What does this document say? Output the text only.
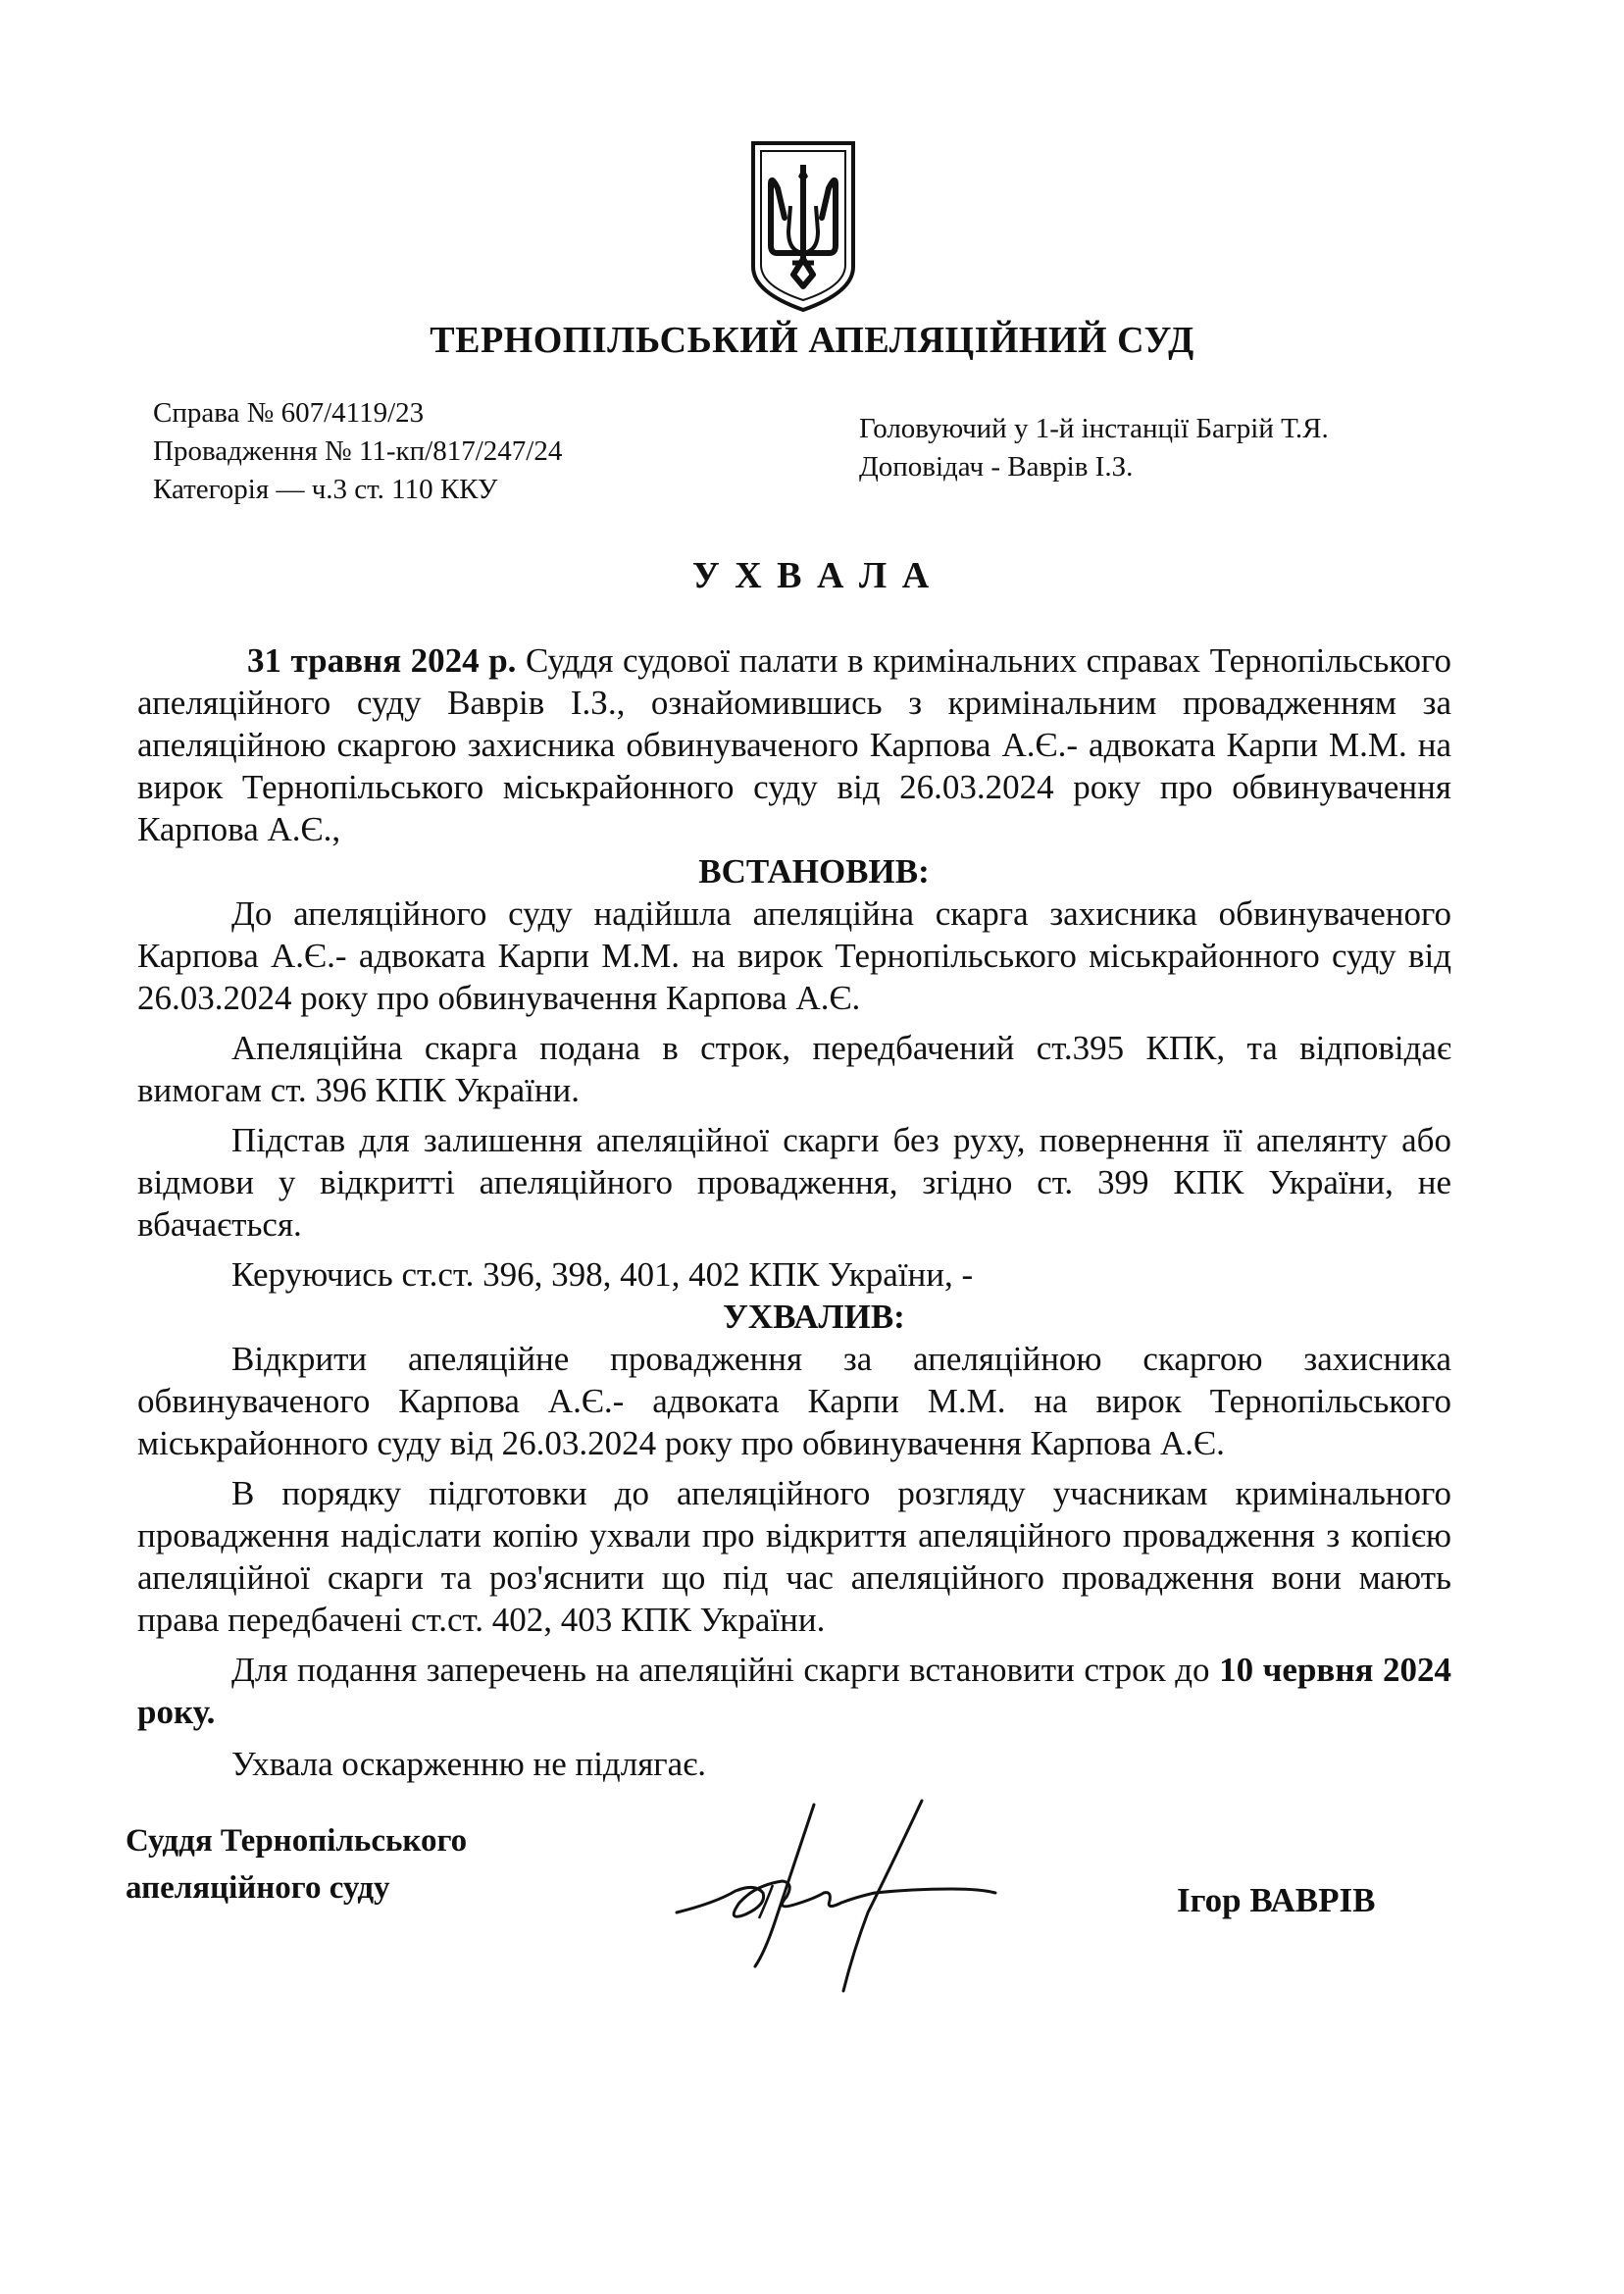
ТЕРНОПІЛЬСЬКИЙ АПЕЛЯЦІЙНИЙ СУД
Справа № 607/4119/23
Провадження № 11-кп/817/247/24
Категорія — ч.3 ст. 110 ККУ
Головуючий у 1-й інстанції Багрій Т.Я.
Доповідач - Ваврів І.З.
У Х В А Л А

31 травня 2024 р. Суддя судової палати в кримінальних справах Тернопільського апеляційного суду Ваврів І.З., ознайомившись з кримінальним провадженням за апеляційною скаргою захисника обвинуваченого Карпова А.Є.- адвоката Карпи М.М. на вирок Тернопільського міськрайонного суду від 26.03.2024 року про обвинувачення Карпова А.Є.,

ВСТАНОВИВ:

До апеляційного суду надійшла апеляційна скарга захисника обвинуваченого Карпова А.Є.- адвоката Карпи М.М. на вирок Тернопільського міськрайонного суду від 26.03.2024 року про обвинувачення Карпова А.Є.

Апеляційна скарга подана в строк, передбачений ст.395 КПК, та відповідає вимогам ст. 396 КПК України.

Підстав для залишення апеляційної скарги без руху, повернення її апелянту або відмови у відкритті апеляційного провадження, згідно ст. 399 КПК України, не вбачається.

Керуючись ст.ст. 396, 398, 401, 402 КПК України, -

УХВАЛИВ:

Відкрити апеляційне провадження за апеляційною скаргою захисника обвинуваченого Карпова А.Є.- адвоката Карпи М.М. на вирок Тернопільського міськрайонного суду від 26.03.2024 року про обвинувачення Карпова А.Є.

В порядку підготовки до апеляційного розгляду учасникам кримінального провадження надіслати копію ухвали про відкриття апеляційного провадження з копією апеляційної скарги та роз'яснити що під час апеляційного провадження вони мають права передбачені ст.ст. 402, 403 КПК України.

Для подання заперечень на апеляційні скарги встановити строк до 10 червня 2024 року.

Ухвала оскарженню не підлягає.

Суддя Тернопільського
апеляційного суду	Ігор ВАВРІВ
